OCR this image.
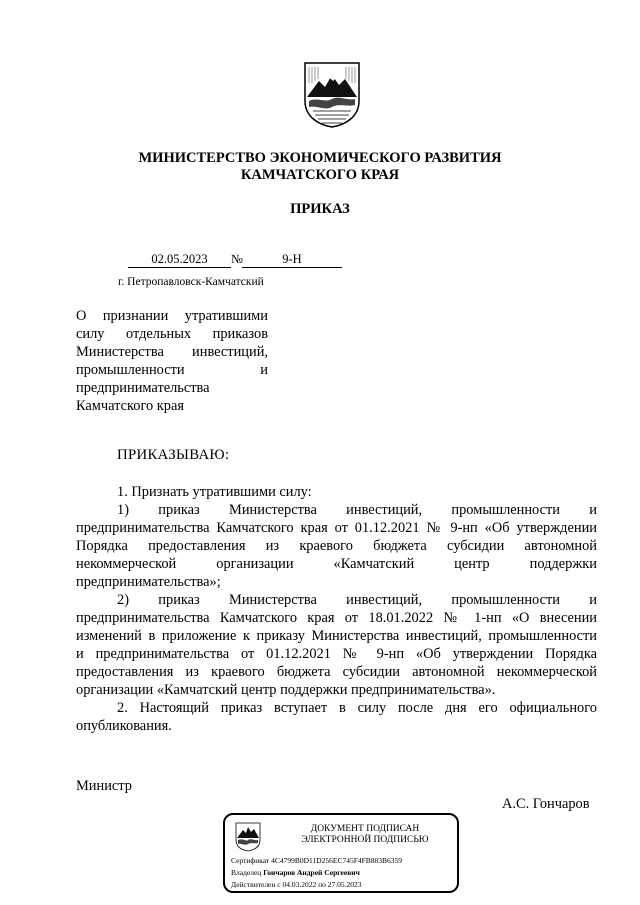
МИНИСТЕРСТВО ЭКОНОМИЧЕСКОГО РАЗВИТИЯ
КАМЧАТСКОГО КРАЯ
ПРИКАЗ
02.05.2023	№	9-Н
г. Петропавловск-Камчатский
О признании утратившими
силу отдельных приказов
Министерства инвестиций,
промышленности и
предпринимательства
Камчатского края
ПРИКАЗЫВАЮ:
1. Признать утратившими силу:
1) приказ Министерства инвестиций, промышленности и
предпринимательства Камчатского края от 01.12.2021 № 9-нп «Об утверждении
Порядка предоставления из краевого бюджета субсидии автономной
некоммерческой организации «Камчатский центр поддержки
предпринимательства»;
2) приказ Министерства инвестиций, промышленности и
предпринимательства Камчатского края от 18.01.2022 № 1-нп «О внесении
изменений в приложение к приказу Министерства инвестиций, промышленности
и предпринимательства от 01.12.2021 № 9-нп «Об утверждении Порядка
предоставления из краевого бюджета субсидии автономной некоммерческой
организации «Камчатский центр поддержки предпринимательства».
2. Настоящий приказ вступает в силу после дня его официального
опубликования.
Министр
А.С. Гончаров
ДОКУМЕНТ ПОДПИСАН
ЭЛЕКТРОННОЙ ПОДПИСЬЮ
Сертификат 4C4799B0D11D256EC745F4FB883B6359
Владелец Гончаров Андрей Сергеевич
Действителен с 04.03.2022 по 27.05.2023
